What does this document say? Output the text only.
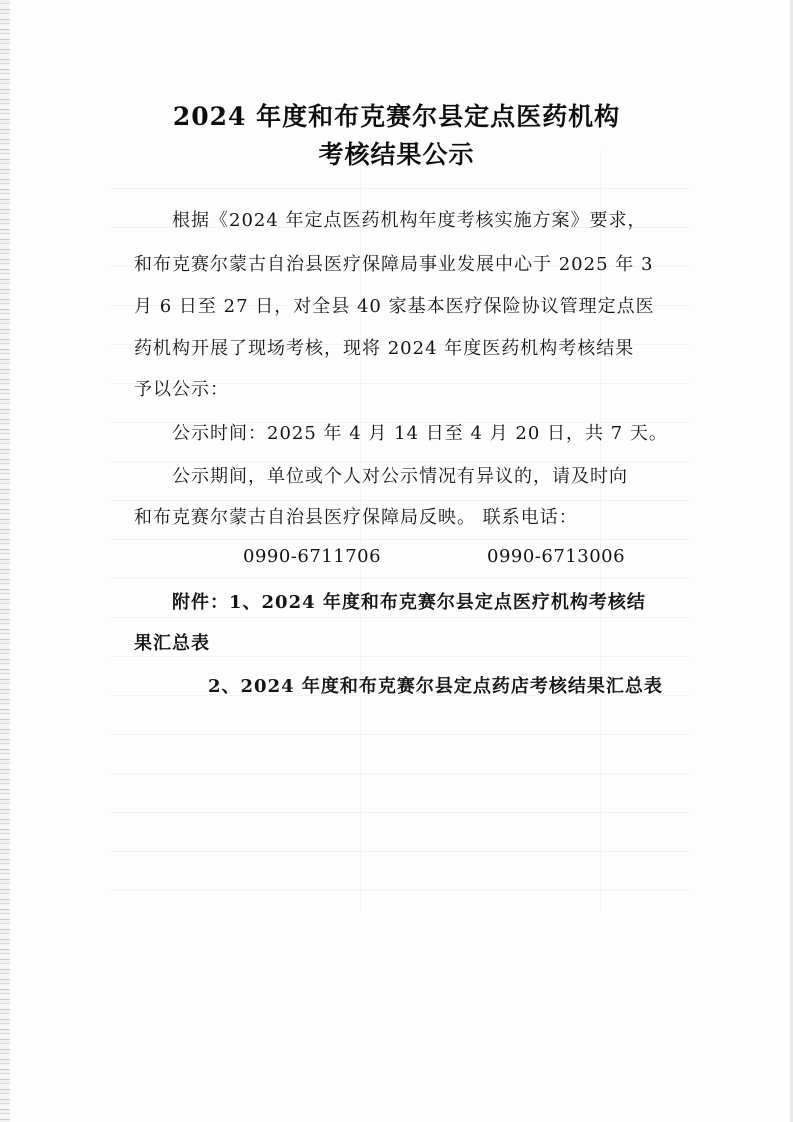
2024 年度和布克赛尔县定点医药机构
考核结果公示
根据《2024 年定点医药机构年度考核实施方案》要求，
和布克赛尔蒙古自治县医疗保障局事业发展中心于 2025 年 3
月 6 日至 27 日，对全县 40 家基本医疗保险协议管理定点医
药机构开展了现场考核，现将 2024 年度医药机构考核结果
予以公示：
公示时间：2025 年 4 月 14 日至 4 月 20 日，共 7 天。
公示期间，单位或个人对公示情况有异议的，请及时向
和布克赛尔蒙古自治县医疗保障局反映。 联系电话：
0990-6711706	0990-6713006
附件：1、2024 年度和布克赛尔县定点医疗机构考核结
果汇总表
2、2024 年度和布克赛尔县定点药店考核结果汇总表
